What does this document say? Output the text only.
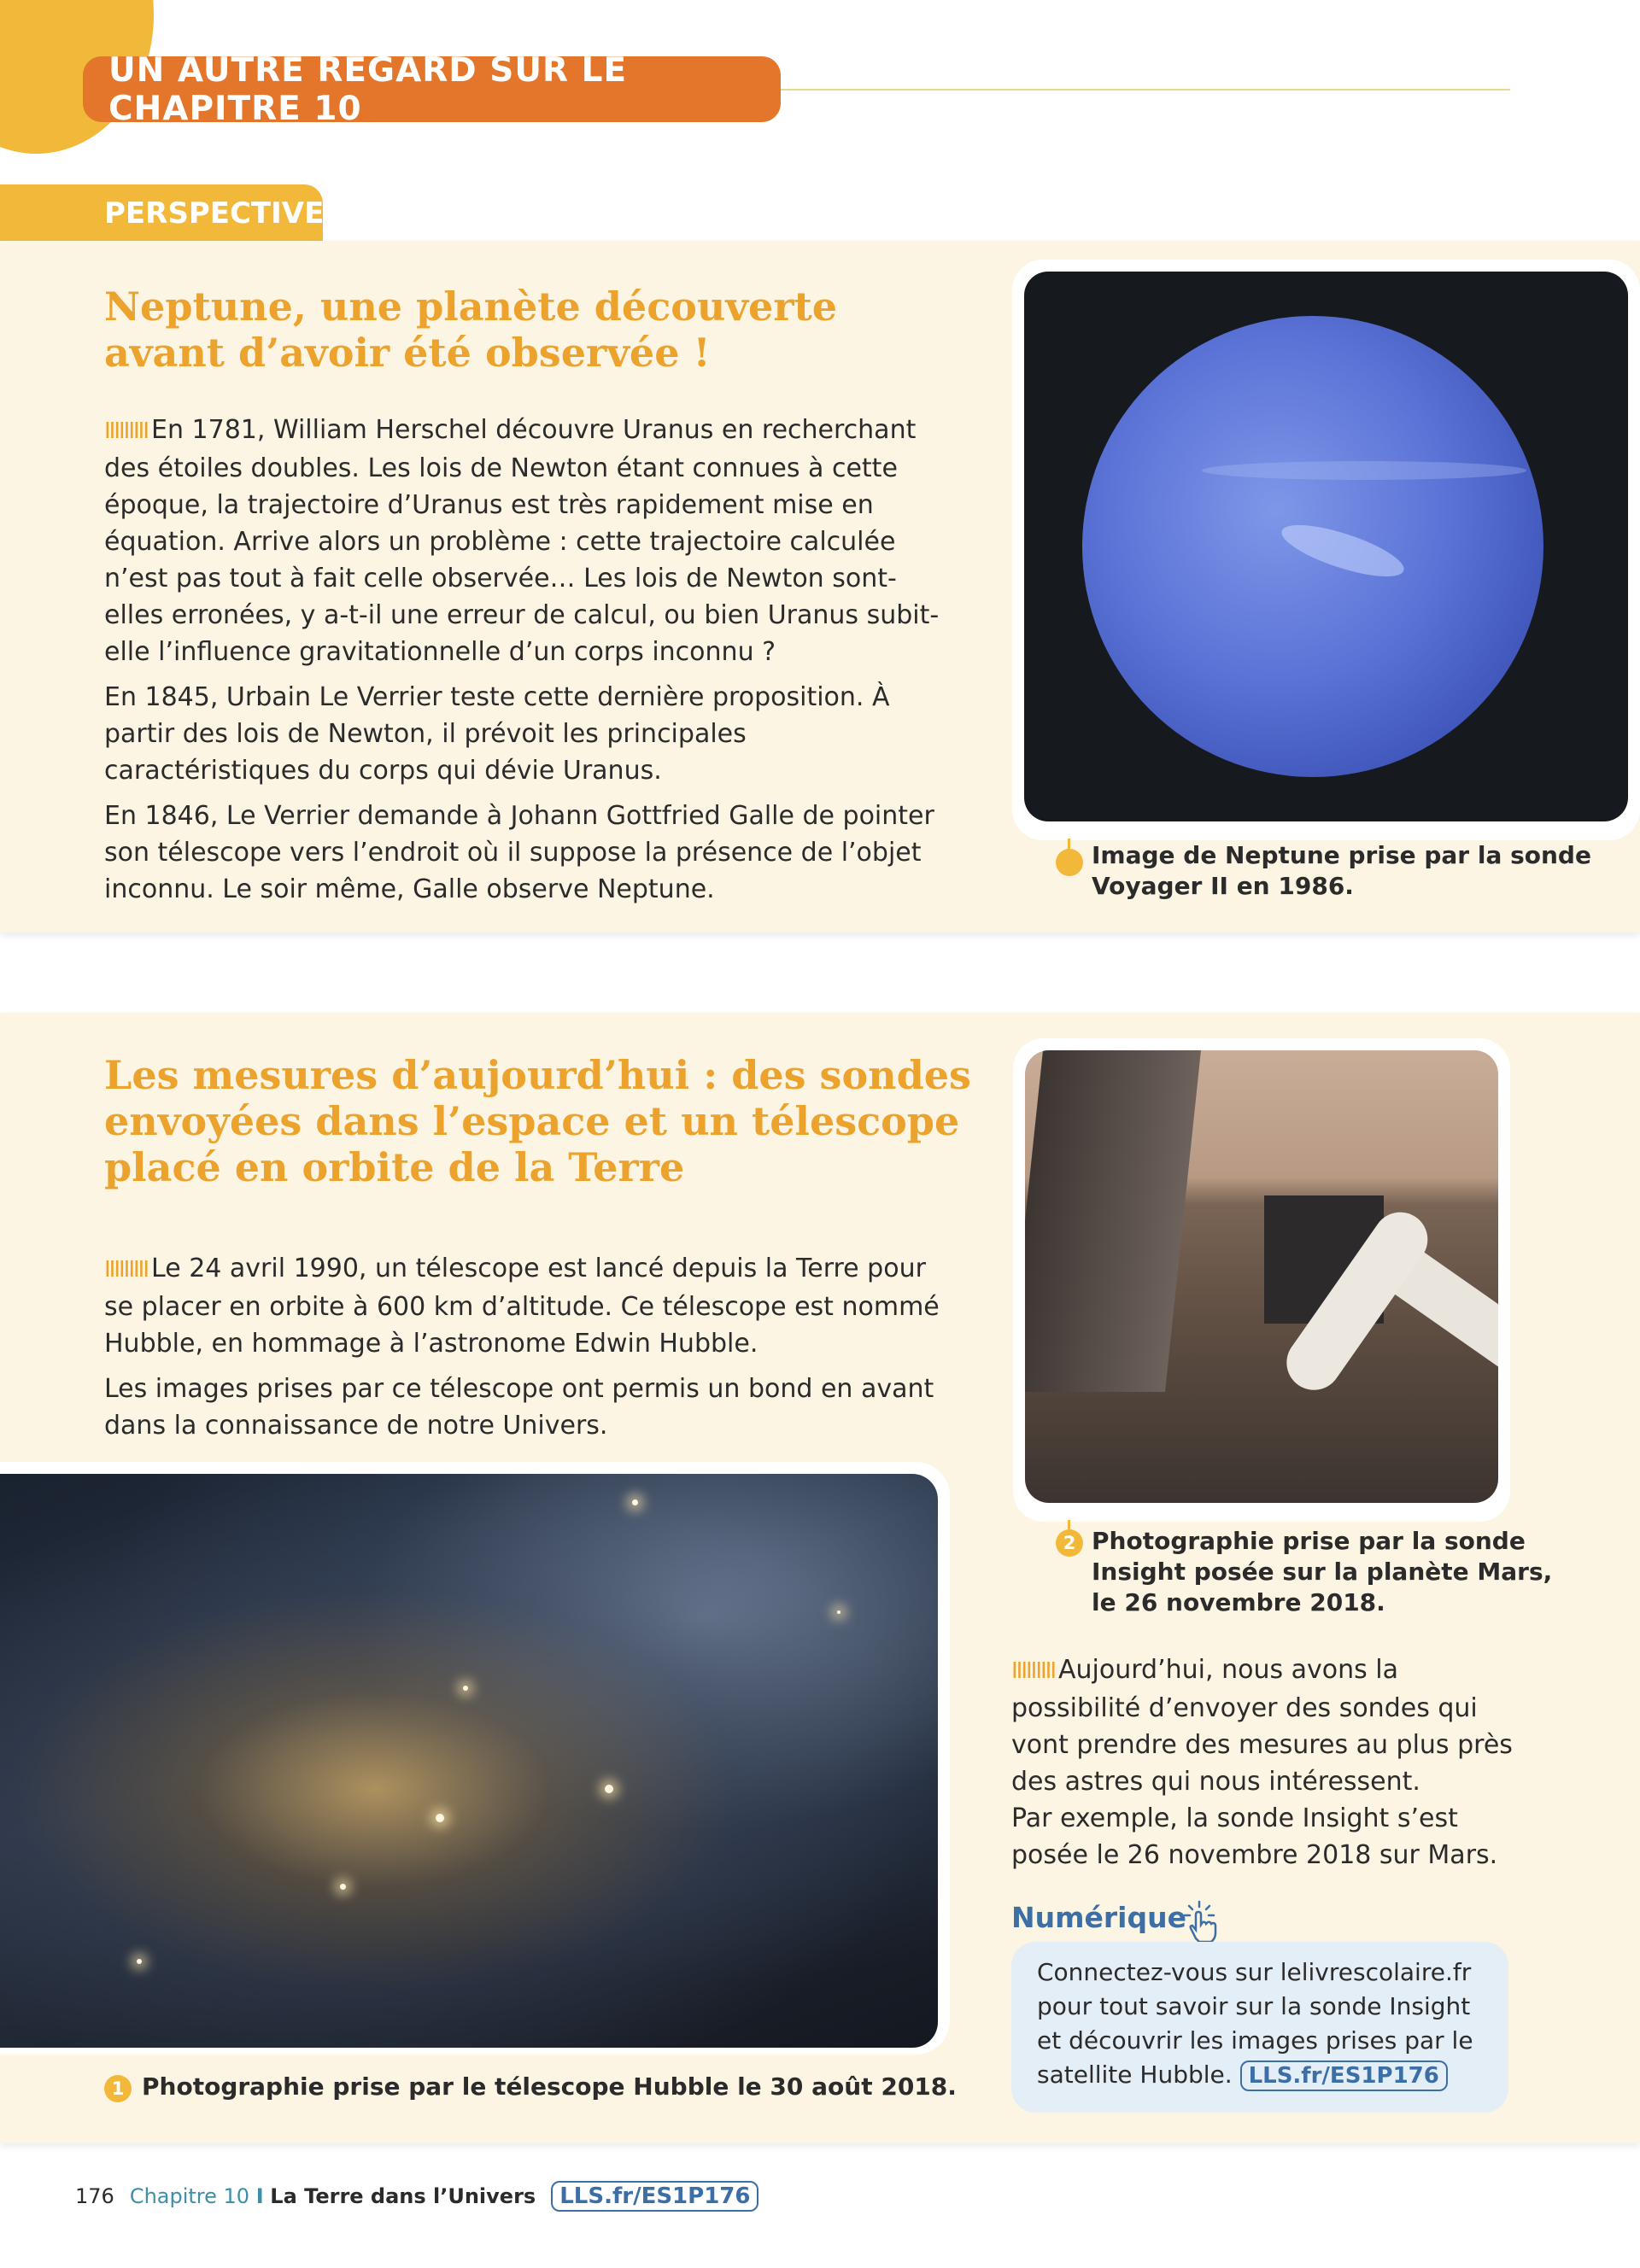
UN AUTRE REGARD SUR LE CHAPITRE 10
PERSPECTIVE
Neptune, une planète découverte
avant d’avoir été observée !

IIIIIIIII En 1781, William Herschel découvre Uranus en recherchant des étoiles doubles. Les lois de Newton étant connues à cette époque, la trajectoire d’Uranus est très rapidement mise en équation. Arrive alors un problème : cette trajectoire calculée n’est pas tout à fait celle observée… Les lois de Newton sont-elles erronées, y a-t-il une erreur de calcul, ou bien Uranus subit-elle l’influence gravitationnelle d’un corps inconnu ?

En 1845, Urbain Le Verrier teste cette dernière proposition. À partir des lois de Newton, il prévoit les principales caractéristiques du corps qui dévie Uranus.

En 1846, Le Verrier demande à Johann Gottfried Galle de pointer son télescope vers l’endroit où il suppose la présence de l’objet inconnu. Le soir même, Galle observe Neptune.

Image de Neptune prise par la sonde
Voyager II en 1986.
Les mesures d’aujourd’hui : des sondes
envoyées dans l’espace et un télescope
placé en orbite de la Terre

IIIIIIIII Le 24 avril 1990, un télescope est lancé depuis la Terre pour se placer en orbite à 600 km d’altitude. Ce télescope est nommé Hubble, en hommage à l’astronome Edwin Hubble.

Les images prises par ce télescope ont permis un bond en avant dans la connaissance de notre Univers.

2 Photographie prise par la sonde
Insight posée sur la planète Mars,
le 26 novembre 2018.

IIIIIIIII Aujourd’hui, nous avons la possibilité d’envoyer des sondes qui vont prendre des mesures au plus près des astres qui nous intéressent.

Par exemple, la sonde Insight s’est posée le 26 novembre 2018 sur Mars.

1 Photographie prise par le télescope Hubble le 30 août 2018.
Numérique
Connectez-vous sur lelivrescolaire.fr pour tout savoir sur la sonde Insight et découvrir les images prises par le satellite Hubble. LLS.fr/ES1P176
176 Chapitre 10 I La Terre dans l’Univers	LLS.fr/ES1P176
